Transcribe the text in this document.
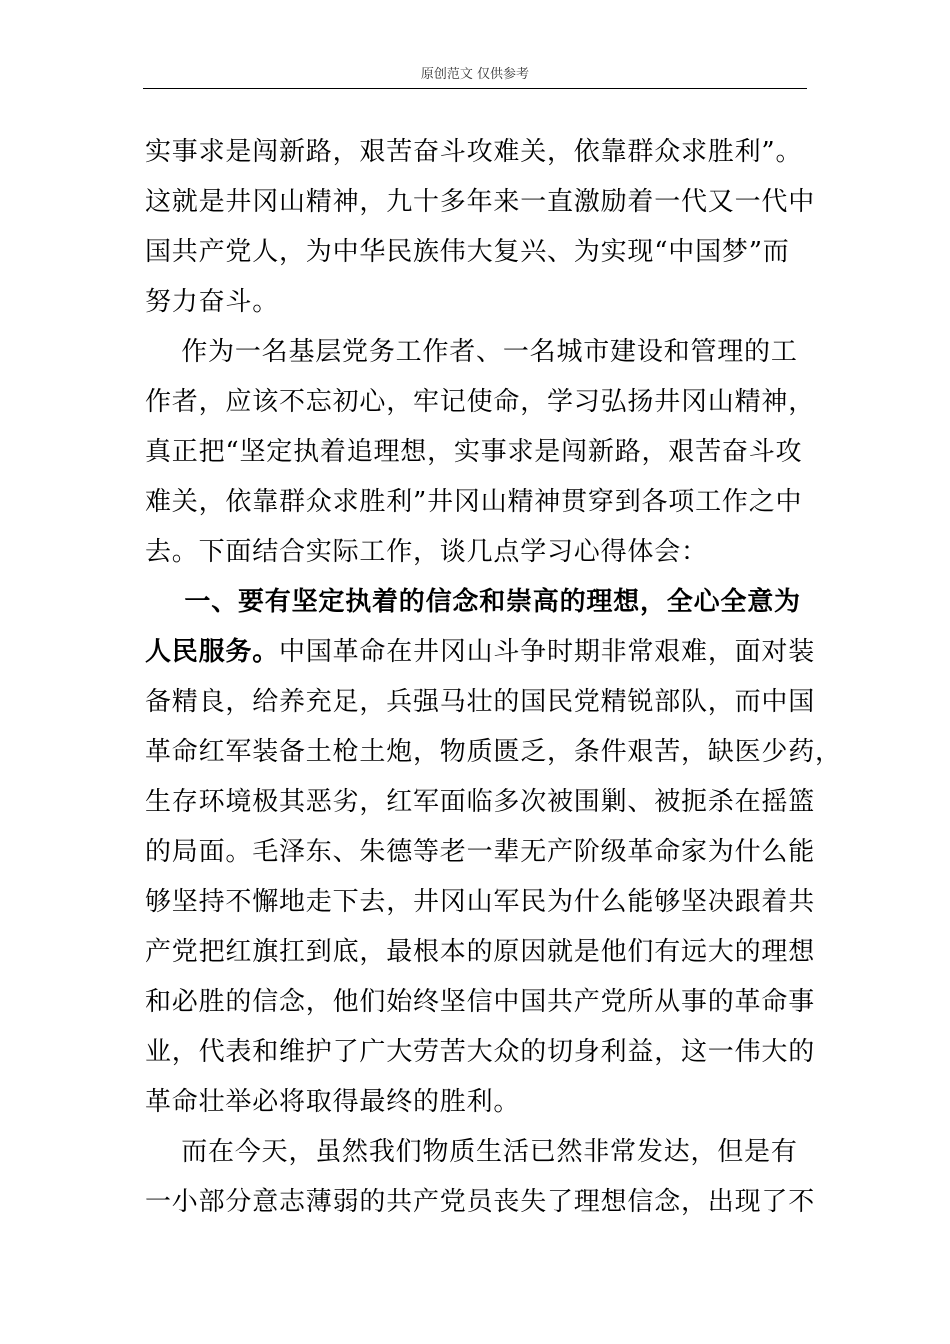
原创范文 仅供参考
实事求是闯新路，艰苦奋斗攻难关，依靠群众求胜利”。
这就是井冈山精神，九十多年来一直激励着一代又一代中
国共产党人，为中华民族伟大复兴、为实现“中国梦”而
努力奋斗。
作为一名基层党务工作者、一名城市建设和管理的工
作者，应该不忘初心，牢记使命，学习弘扬井冈山精神，
真正把“坚定执着追理想，实事求是闯新路，艰苦奋斗攻
难关，依靠群众求胜利”井冈山精神贯穿到各项工作之中
去。下面结合实际工作，谈几点学习心得体会：
一、要有坚定执着的信念和崇高的理想，全心全意为
人民服务。中国革命在井冈山斗争时期非常艰难，面对装
备精良，给养充足，兵强马壮的国民党精锐部队，而中国
革命红军装备土枪土炮，物质匮乏，条件艰苦，缺医少药，
生存环境极其恶劣，红军面临多次被围剿、被扼杀在摇篮
的局面。毛泽东、朱德等老一辈无产阶级革命家为什么能
够坚持不懈地走下去，井冈山军民为什么能够坚决跟着共
产党把红旗扛到底，最根本的原因就是他们有远大的理想
和必胜的信念，他们始终坚信中国共产党所从事的革命事
业，代表和维护了广大劳苦大众的切身利益，这一伟大的
革命壮举必将取得最终的胜利。
而在今天，虽然我们物质生活已然非常发达，但是有
一小部分意志薄弱的共产党员丧失了理想信念，出现了不
